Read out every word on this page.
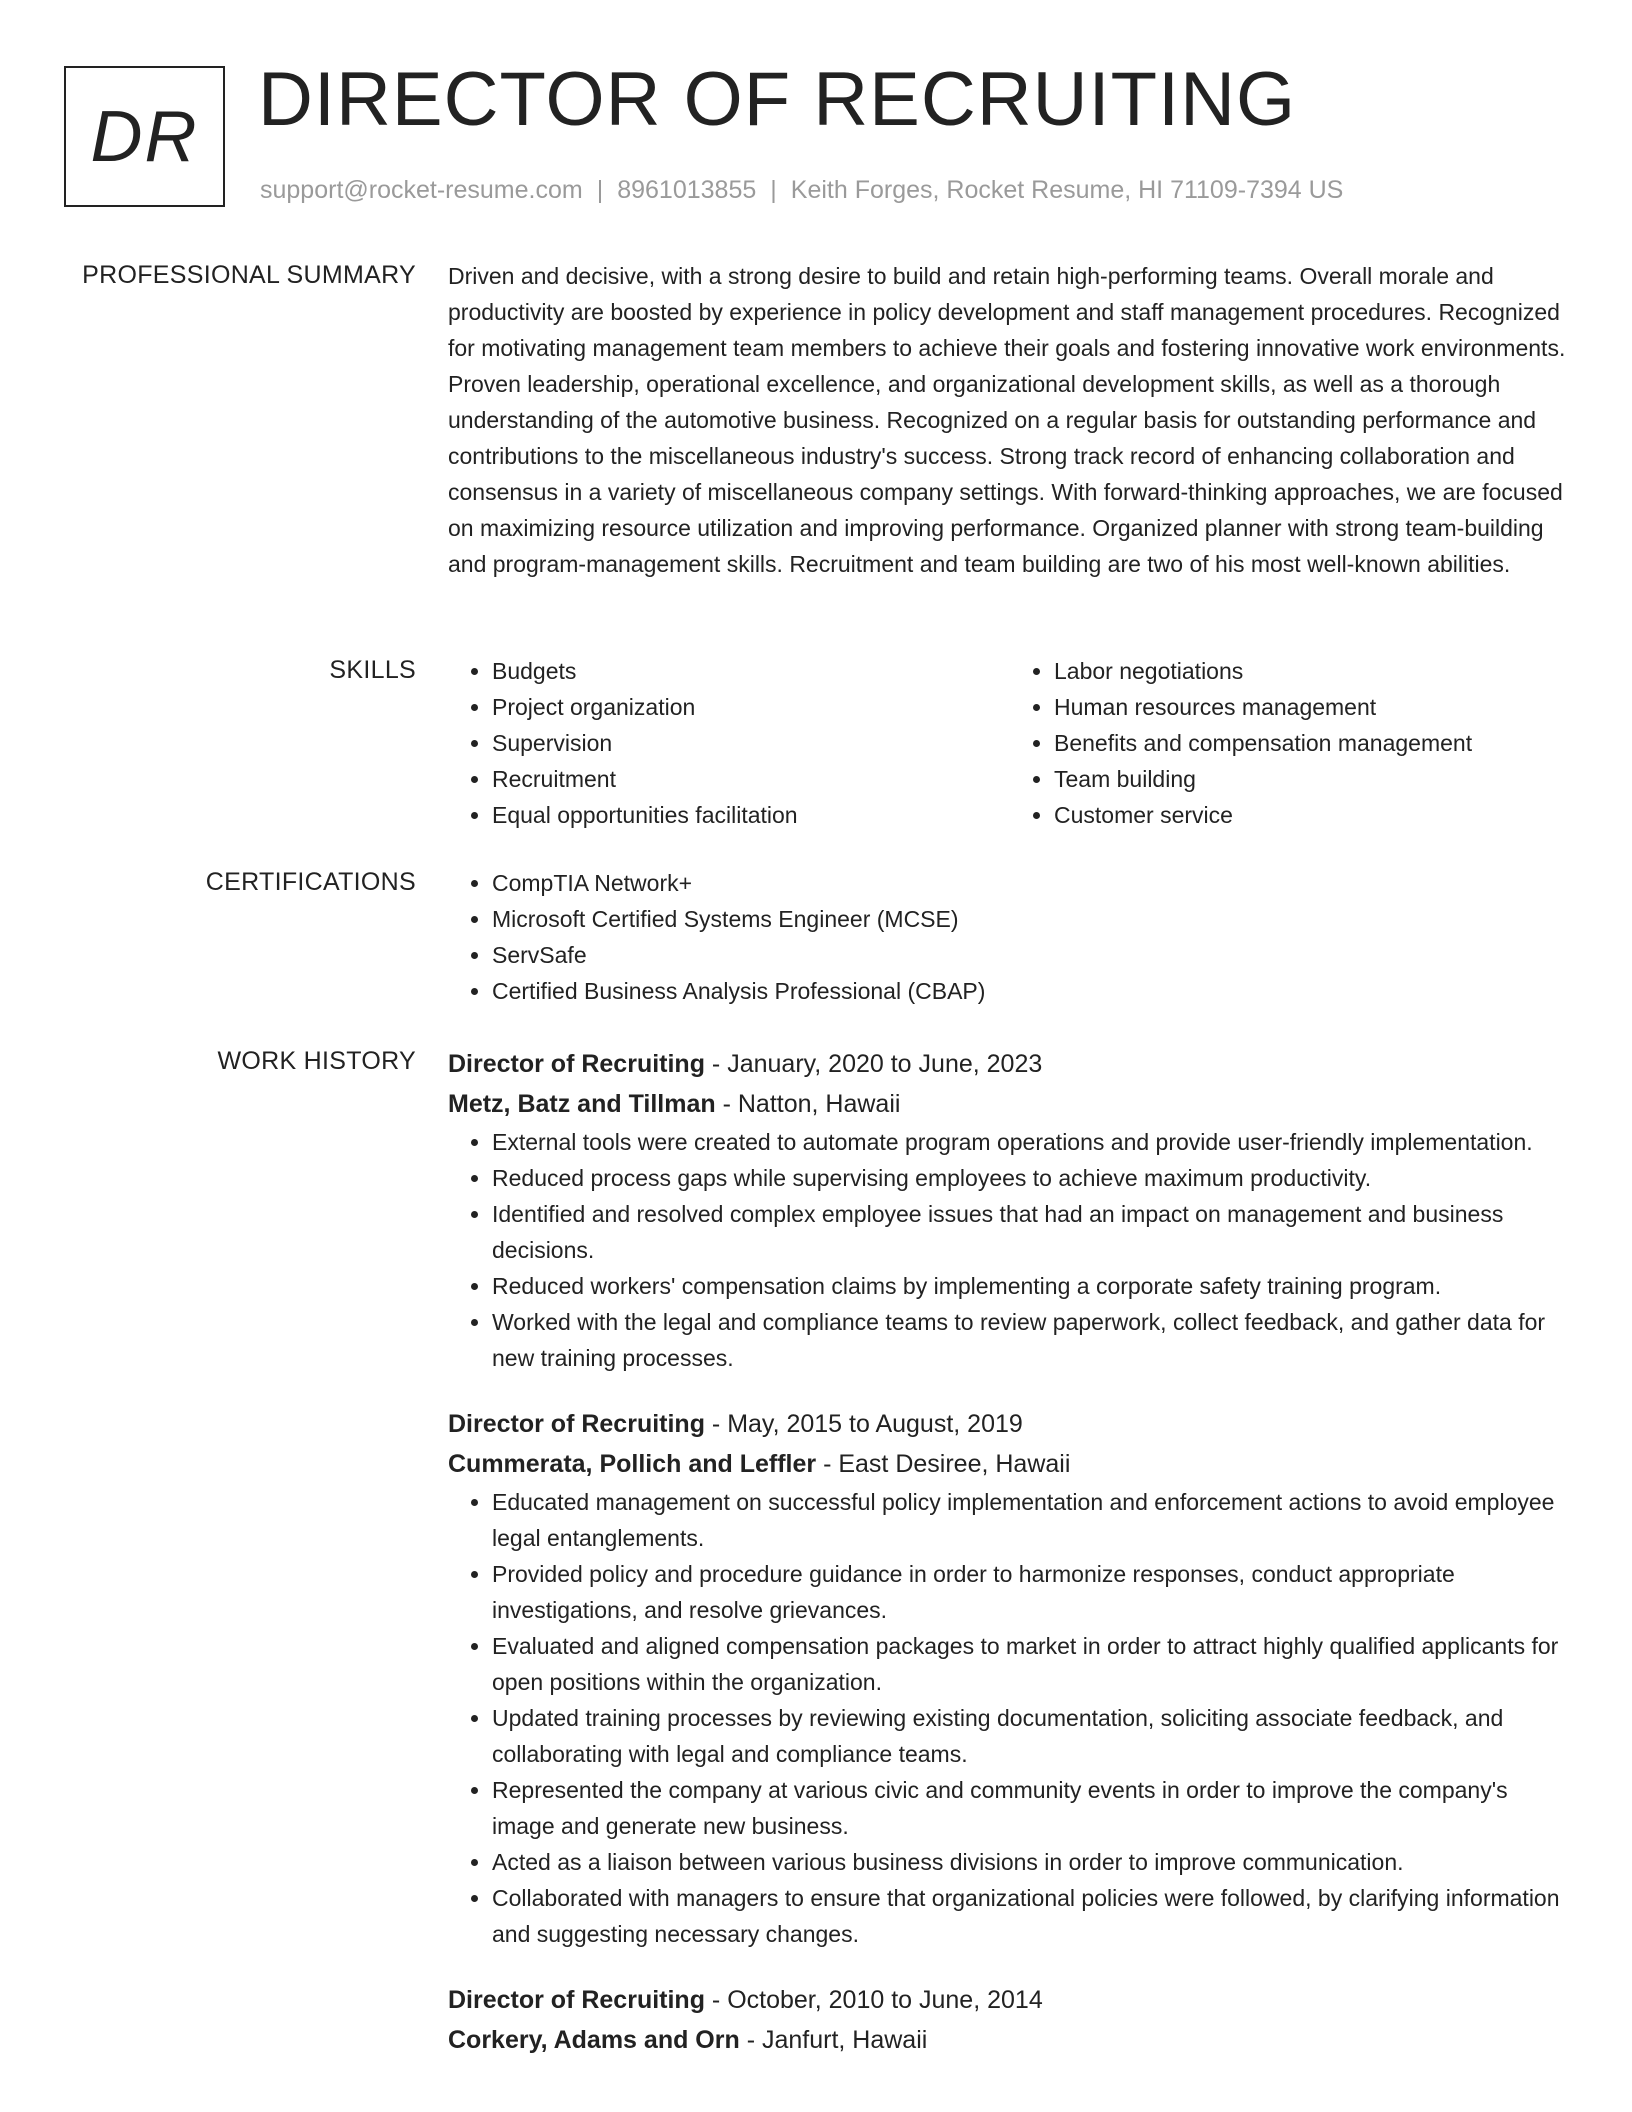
DR DIRECTOR OF RECRUITING
support@rocket-resume.com | 8961013855 | Keith Forges, Rocket Resume, HI 71109-7394 US
PROFESSIONAL SUMMARY Driven and decisive, with a strong desire to build and retain high-performing teams. Overall morale and productivity are boosted by experience in policy development and staff management procedures. Recognized for motivating management team members to achieve their goals and fostering innovative work environments. Proven leadership, operational excellence, and organizational development skills, as well as a thorough understanding of the automotive business. Recognized on a regular basis for outstanding performance and contributions to the miscellaneous industry's success. Strong track record of enhancing collaboration and consensus in a variety of miscellaneous company settings. With forward-thinking approaches, we are focused on maximizing resource utilization and improving performance. Organized planner with strong team-building and program-management skills. Recruitment and team building are two of his most well-known abilities.

SKILLS	• Budgets
• Project organization
• Supervision
• Recruitment
• Equal opportunities facilitation
• Labor negotiations
• Human resources management
• Benefits and compensation management
• Team building
• Customer service
CERTIFICATIONS	• CompTIA Network+
• Microsoft Certified Systems Engineer (MCSE)
• ServSafe
• Certified Business Analysis Professional (CBAP)
WORK HISTORY Director of Recruiting - January, 2020 to June, 2023
Metz, Batz and Tillman - Natton, Hawaii
• External tools were created to automate program operations and provide user-friendly implementation.
• Reduced process gaps while supervising employees to achieve maximum productivity.
• Identified and resolved complex employee issues that had an impact on management and business decisions.
• Reduced workers' compensation claims by implementing a corporate safety training program.
• Worked with the legal and compliance teams to review paperwork, collect feedback, and gather data for new training processes.
Director of Recruiting - May, 2015 to August, 2019
Cummerata, Pollich and Leffler - East Desiree, Hawaii
• Educated management on successful policy implementation and enforcement actions to avoid employee legal entanglements.
• Provided policy and procedure guidance in order to harmonize responses, conduct appropriate investigations, and resolve grievances.
• Evaluated and aligned compensation packages to market in order to attract highly qualified applicants for open positions within the organization.
• Updated training processes by reviewing existing documentation, soliciting associate feedback, and collaborating with legal and compliance teams.
• Represented the company at various civic and community events in order to improve the company's image and generate new business.
• Acted as a liaison between various business divisions in order to improve communication.
• Collaborated with managers to ensure that organizational policies were followed, by clarifying information and suggesting necessary changes.
Director of Recruiting - October, 2010 to June, 2014
Corkery, Adams and Orn - Janfurt, Hawaii
